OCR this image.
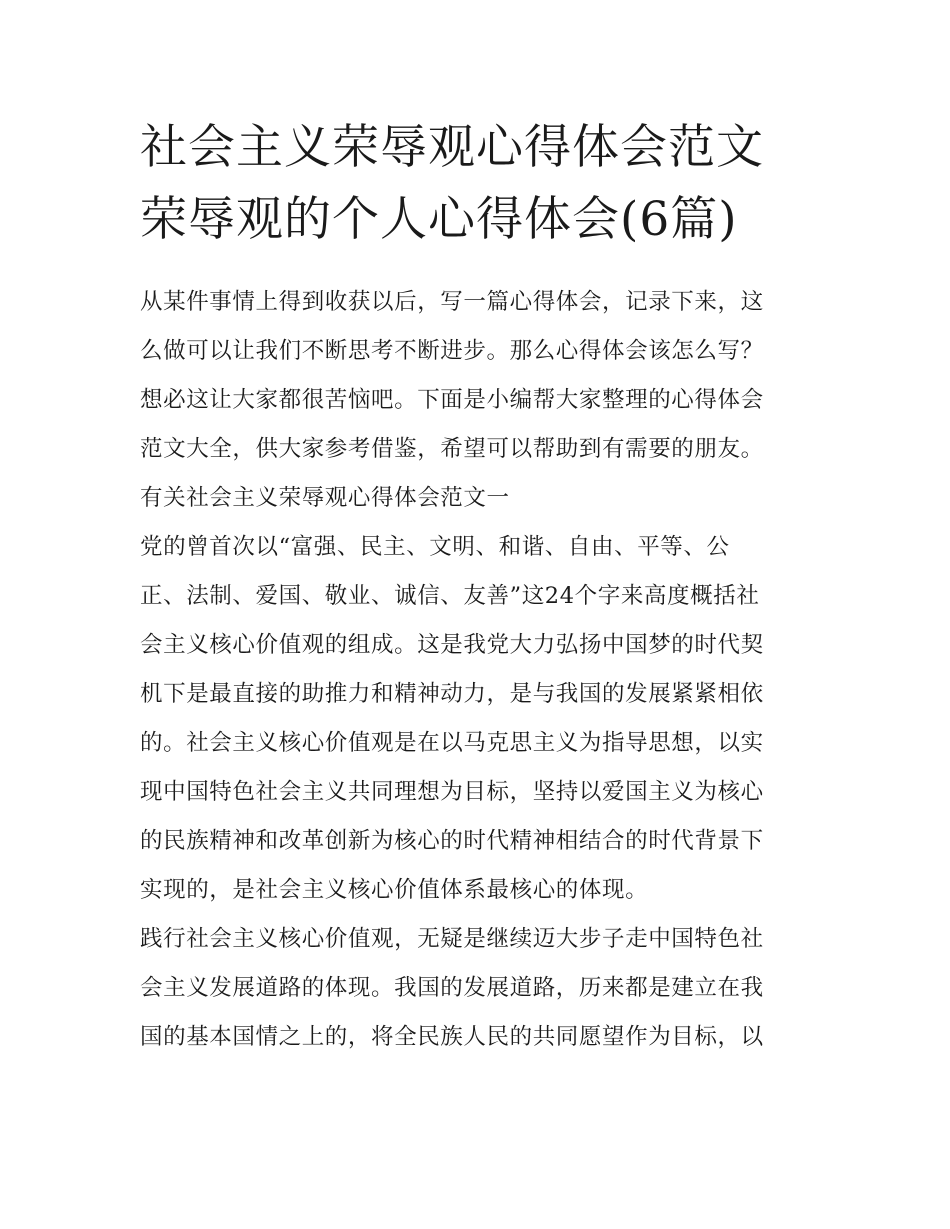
社会主义荣辱观心得体会范文
荣辱观的个人心得体会(6篇)

从某件事情上得到收获以后，写一篇心得体会，记录下来，这
么做可以让我们不断思考不断进步。那么心得体会该怎么写？
想必这让大家都很苦恼吧。下面是小编帮大家整理的心得体会
范文大全，供大家参考借鉴，希望可以帮助到有需要的朋友。

有关社会主义荣辱观心得体会范文一

党的曾首次以“富强、民主、文明、和谐、自由、平等、公
正、法制、爱国、敬业、诚信、友善”这24个字来高度概括社
会主义核心价值观的组成。这是我党大力弘扬中国梦的时代契
机下是最直接的助推力和精神动力，是与我国的发展紧紧相依
的。社会主义核心价值观是在以马克思主义为指导思想，以实
现中国特色社会主义共同理想为目标，坚持以爱国主义为核心
的民族精神和改革创新为核心的时代精神相结合的时代背景下
实现的，是社会主义核心价值体系最核心的体现。

践行社会主义核心价值观，无疑是继续迈大步子走中国特色社
会主义发展道路的体现。我国的发展道路，历来都是建立在我
国的基本国情之上的，将全民族人民的共同愿望作为目标，以
